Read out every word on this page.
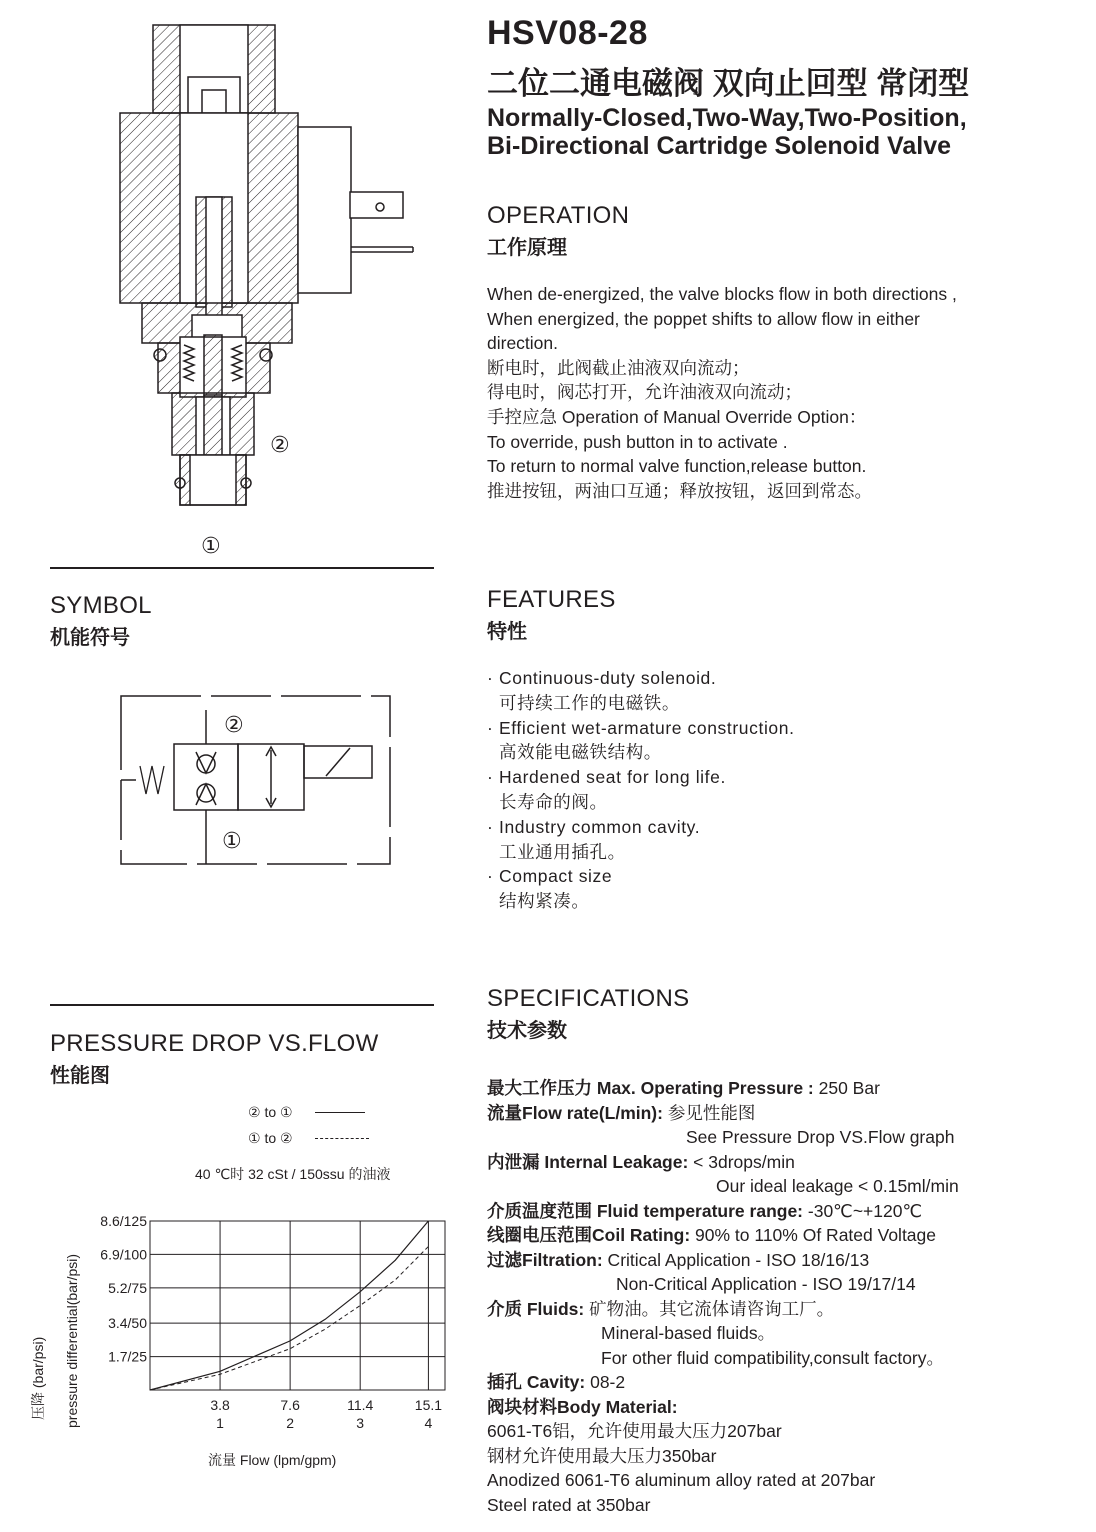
HSV08-28
二位二通电磁阀 双向止回型 常闭型
Normally-Closed,Two-Way,Two-Position,
Bi-Directional Cartridge Solenoid Valve
②
①
OPERATION
工作原理
When de-energized, the valve blocks flow in both directions ,
When energized, the poppet shifts to allow flow in either
direction.
断电时，此阀截止油液双向流动；
得电时，阀芯打开，允许油液双向流动；
手控应急 Operation of Manual Override Option：
To override, push button in to activate .
To return to normal valve function,release button.
推进按钮，两油口互通；释放按钮，返回到常态。
SYMBOL
机能符号
②
①
FEATURES
特性
· Continuous-duty solenoid.
可持续工作的电磁铁。
· Efficient wet-armature construction.
高效能电磁铁结构。
· Hardened seat for long life.
长寿命的阀。
· Industry common cavity.
工业通用插孔。
· Compact size
结构紧凑。
PRESSURE DROP VS.FLOW
性能图
② to ①
① to ②
40 ℃时 32 cSt / 150ssu 的油液
1.7/25
3.4/50
5.2/75
6.9/100
8.6/125
3.8
1
7.6
2
11.4
3
15.1
4
压降 (bar/psi) pressure differential(bar/psi)
流量 Flow (lpm/gpm)
SPECIFICATIONS
技术参数
最大工作压力 Max. Operating Pressure : 250 Bar
流量Flow rate(L/min): 参见性能图
See Pressure Drop VS.Flow graph
内泄漏 Internal Leakage: < 3drops/min
Our ideal leakage < 0.15ml/min
介质温度范围 Fluid temperature range: -30℃~+120℃
线圈电压范围Coil Rating: 90% to 110% Of Rated Voltage
过滤Filtration: Critical Application - ISO 18/16/13
Non-Critical Application - ISO 19/17/14
介质 Fluids: 矿物油。其它流体请咨询工厂。
Mineral-based fluids。
For other fluid compatibility,consult factory。
插孔 Cavity: 08-2
阀块材料Body Material:
6061-T6铝，允许使用最大压力207bar
钢材允许使用最大压力350bar
Anodized 6061-T6 aluminum alloy rated at 207bar
Steel rated at 350bar
